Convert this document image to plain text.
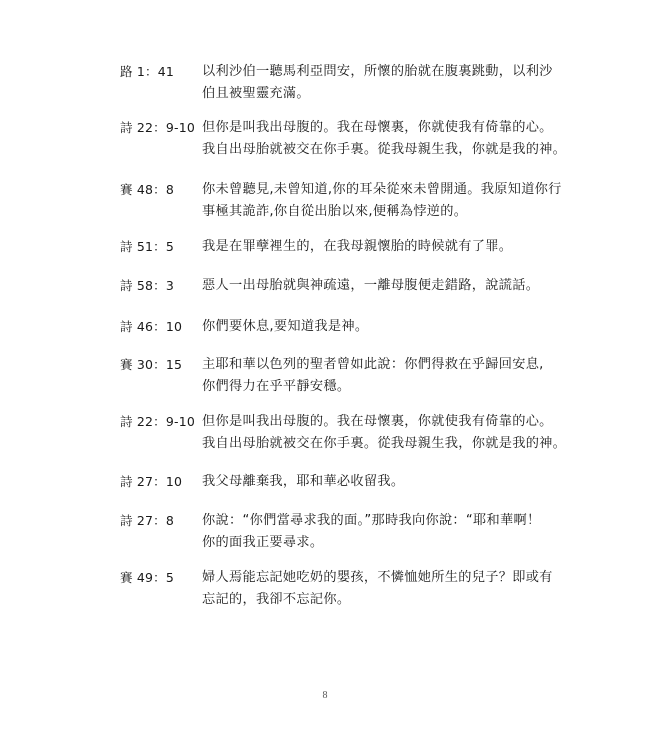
路 1：41	以利沙伯一聽馬利亞問安，所懷的胎就在腹裏跳動，以利沙
伯且被聖靈充滿。
詩 22：9-10 但你是叫我出母腹的。我在母懷裏，你就使我有倚靠的心。
我自出母胎就被交在你手裏。從我母親生我，你就是我的神。
賽 48：8	你未曾聽見,未曾知道,你的耳朵從來未曾開通。我原知道你行
事極其詭詐,你自從出胎以來,便稱為悖逆的。
詩 51：5	我是在罪孽裡生的，在我母親懷胎的時候就有了罪。
詩 58：3	惡人一出母胎就與神疏遠，一離母腹便走錯路，說謊話。
詩 46：10	你們要休息,要知道我是神。
賽 30：15	主耶和華以色列的聖者曾如此說：你們得救在乎歸回安息,
你們得力在乎平靜安穩。
詩 22：9-10 但你是叫我出母腹的。我在母懷裏，你就使我有倚靠的心。
我自出母胎就被交在你手裏。從我母親生我，你就是我的神。
詩 27：10	我父母離棄我，耶和華必收留我。
詩 27：8	你說：“你們當尋求我的面。”那時我向你說：“耶和華啊！
你的面我正要尋求。
賽 49：5	婦人焉能忘記她吃奶的嬰孩，不憐恤她所生的兒子？即或有
忘記的，我卻不忘記你。
8
